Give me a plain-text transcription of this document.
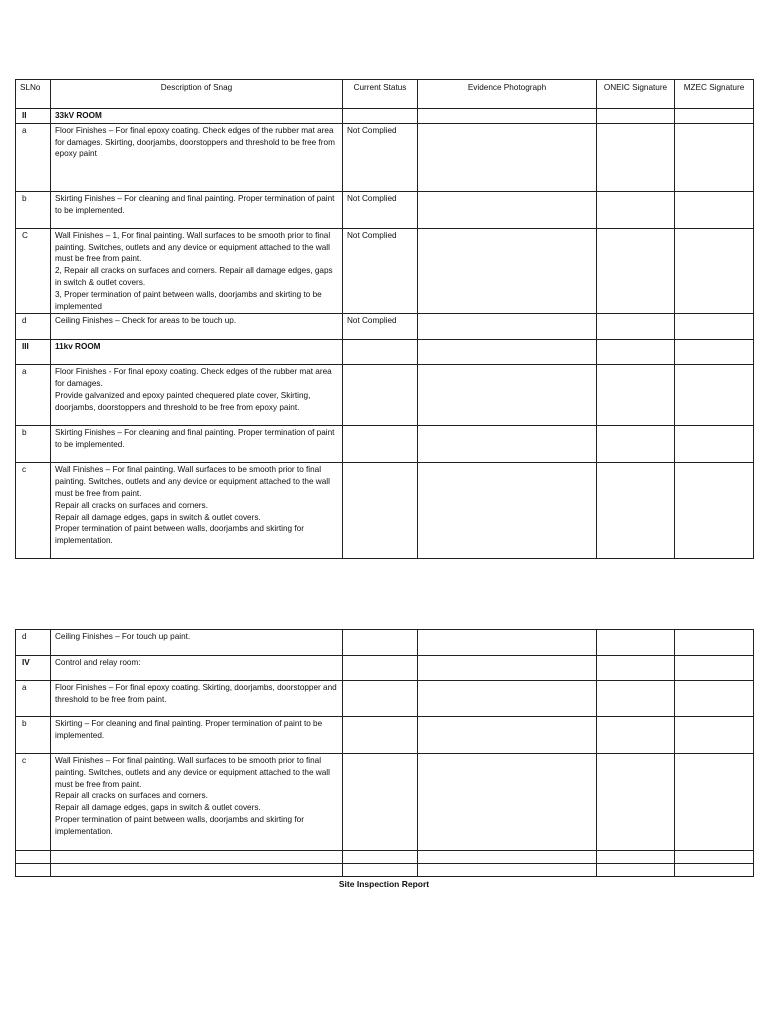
SLNo	Description of Snag	Current Status	Evidence Photograph	ONEIC Signature	MZEC Signature
II	33kV ROOM				
a	Floor Finishes – For final epoxy coating. Check edges of the rubber mat area for damages. Skirting, doorjambs, doorstoppers and threshold to be free from epoxy paint	Not Complied			
b	Skirting Finishes – For cleaning and final painting. Proper termination of paint to be implemented.	Not Complied			
C	Wall Finishes – 1, For final painting. Wall surfaces to be smooth prior to final painting. Switches, outlets and any device or equipment attached to the wall must be free from paint.
2, Repair all cracks on surfaces and corners. Repair all damage edges, gaps in switch & outlet covers.
3, Proper termination of paint between walls, doorjambs and skirting to be implemented	Not Complied			
d	Ceiling Finishes – Check for areas to be touch up.	Not Complied			
III	11kv ROOM				
a	Floor Finishes - For final epoxy coating. Check edges of the rubber mat area for damages.
Provide galvanized and epoxy painted chequered plate cover, Skirting, doorjambs, doorstoppers and threshold to be free from epoxy paint.				
b	Skirting Finishes – For cleaning and final painting. Proper termination of paint to be implemented.				
c	Wall Finishes – For final painting. Wall surfaces to be smooth prior to final painting. Switches, outlets and any device or equipment attached to the wall must be free from paint.
Repair all cracks on surfaces and corners.
Repair all damage edges, gaps in switch & outlet covers.
Proper termination of paint between walls, doorjambs and skirting for implementation.				
d	Ceiling Finishes – For touch up paint.				
IV	Control and relay room:				
a	Floor Finishes – For final epoxy coating. Skirting, doorjambs, doorstopper and threshold to be free from paint.				
b	Skirting – For cleaning and final painting. Proper termination of paint to be implemented.				
c	Wall Finishes – For final painting. Wall surfaces to be smooth prior to final painting. Switches, outlets and any device or equipment attached to the wall must be free from paint.
Repair all cracks on surfaces and corners.
Repair all damage edges, gaps in switch & outlet covers.
Proper termination of paint between walls, doorjambs and skirting for implementation.				

Site Inspection Report
